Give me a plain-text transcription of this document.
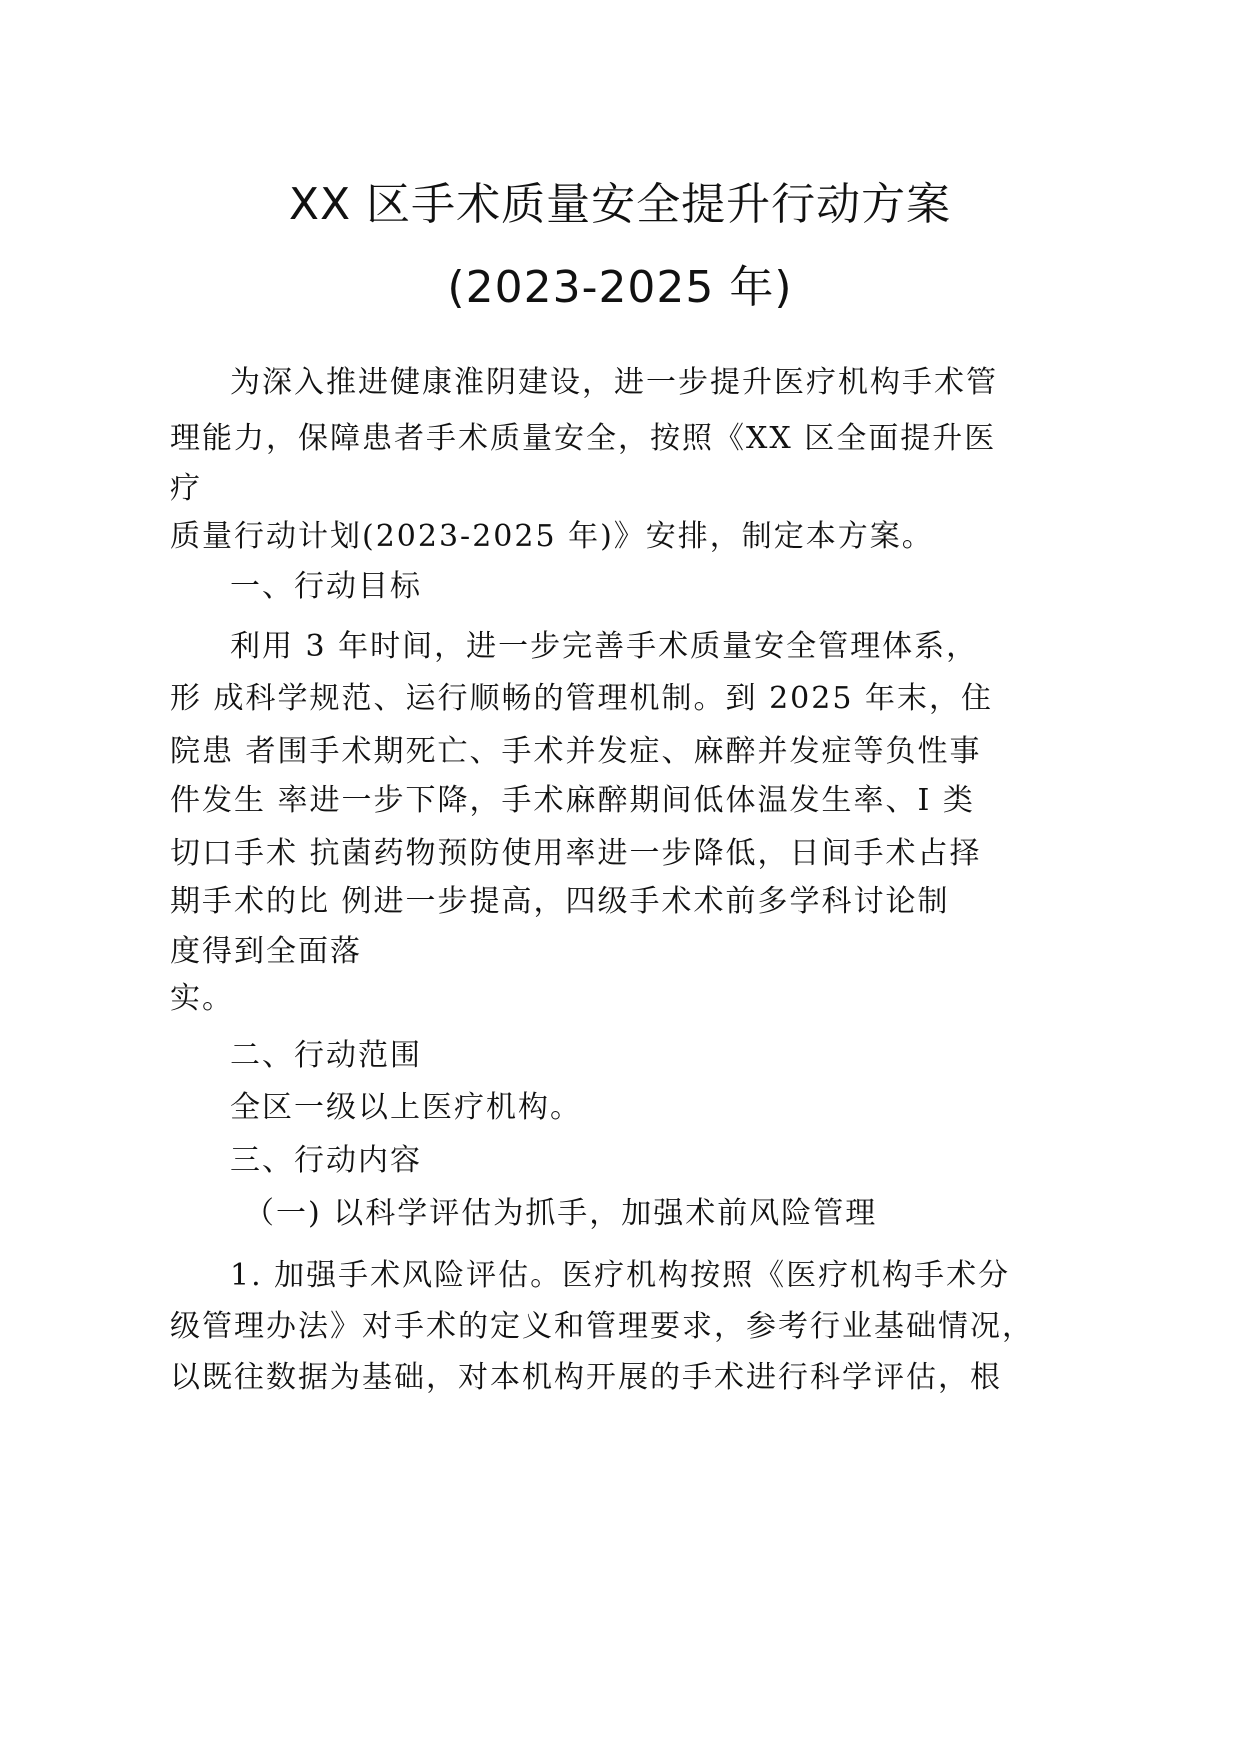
XX 区手术质量安全提升行动方案
(2023-2025 年)
为深入推进健康淮阴建设，进一步提升医疗机构手术管
理能力，保障患者手术质量安全，按照《XX 区全面提升医
疗
质量行动计划(2023-2025 年)》安排，制定本方案。
一、行动目标
利用 3 年时间，进一步完善手术质量安全管理体系，
形 成科学规范、运行顺畅的管理机制。到 2025 年末，住
院患 者围手术期死亡、手术并发症、麻醉并发症等负性事
件发生 率进一步下降，手术麻醉期间低体温发生率、I 类
切口手术 抗菌药物预防使用率进一步降低，日间手术占择
期手术的比 例进一步提高，四级手术术前多学科讨论制
度得到全面落
实。
二、行动范围
全区一级以上医疗机构。
三、行动内容
（一) 以科学评估为抓手，加强术前风险管理
1. 加强手术风险评估。医疗机构按照《医疗机构手术分
级管理办法》对手术的定义和管理要求，参考行业基础情况，
以既往数据为基础，对本机构开展的手术进行科学评估，根
